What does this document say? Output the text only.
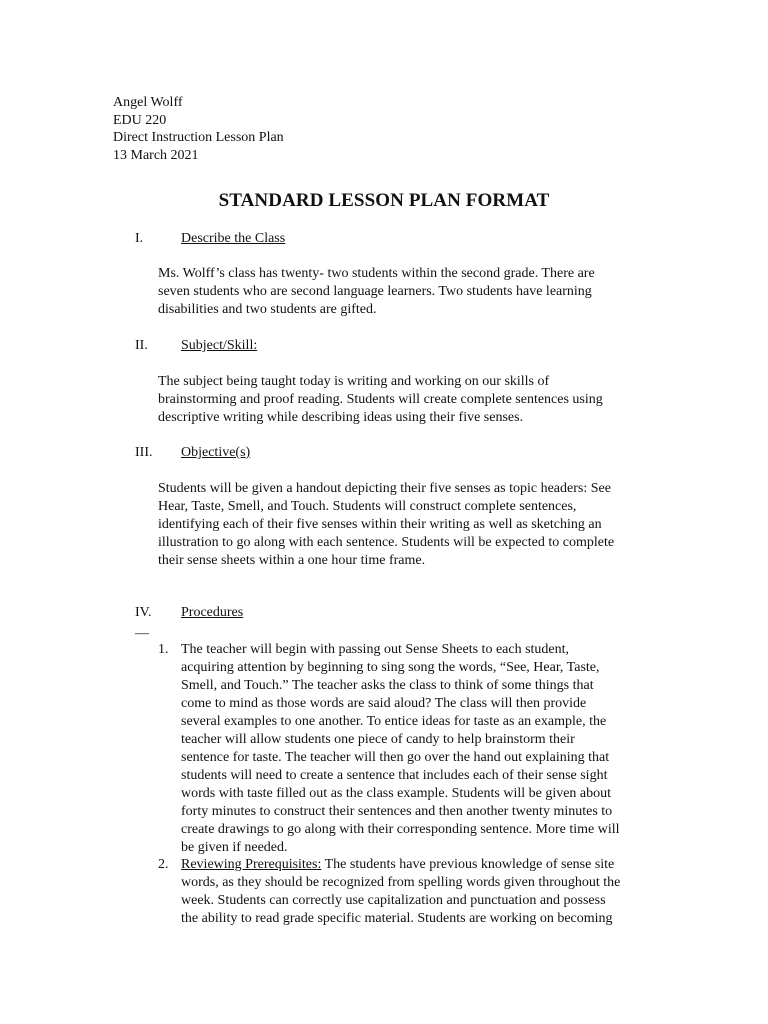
Angel Wolff
EDU 220
Direct Instruction Lesson Plan
13 March 2021
STANDARD LESSON PLAN FORMAT
I.	Describe the Class
Ms. Wolff’s class has twenty- two students within the second grade. There are
seven students who are second language learners. Two students have learning
disabilities and two students are gifted.
II. Subject/Skill:
The subject being taught today is writing and working on our skills of
brainstorming and proof reading. Students will create complete sentences using
descriptive writing while describing ideas using their five senses.
III. Objective(s)
Students will be given a handout depicting their five senses as topic headers: See
Hear, Taste, Smell, and Touch. Students will construct complete sentences,
identifying each of their five senses within their writing as well as sketching an
illustration to go along with each sentence. Students will be expected to complete
their sense sheets within a one hour time frame.
IV. Procedures
—
1. The teacher will begin with passing out Sense Sheets to each student,
acquiring attention by beginning to sing song the words, “See, Hear, Taste,
Smell, and Touch.” The teacher asks the class to think of some things that
come to mind as those words are said aloud? The class will then provide
several examples to one another. To entice ideas for taste as an example, the
teacher will allow students one piece of candy to help brainstorm their
sentence for taste. The teacher will then go over the hand out explaining that
students will need to create a sentence that includes each of their sense sight
words with taste filled out as the class example. Students will be given about
forty minutes to construct their sentences and then another twenty minutes to
create drawings to go along with their corresponding sentence. More time will
be given if needed.
2. Reviewing Prerequisites: The students have previous knowledge of sense site
words, as they should be recognized from spelling words given throughout the
week. Students can correctly use capitalization and punctuation and possess
the ability to read grade specific material. Students are working on becoming
